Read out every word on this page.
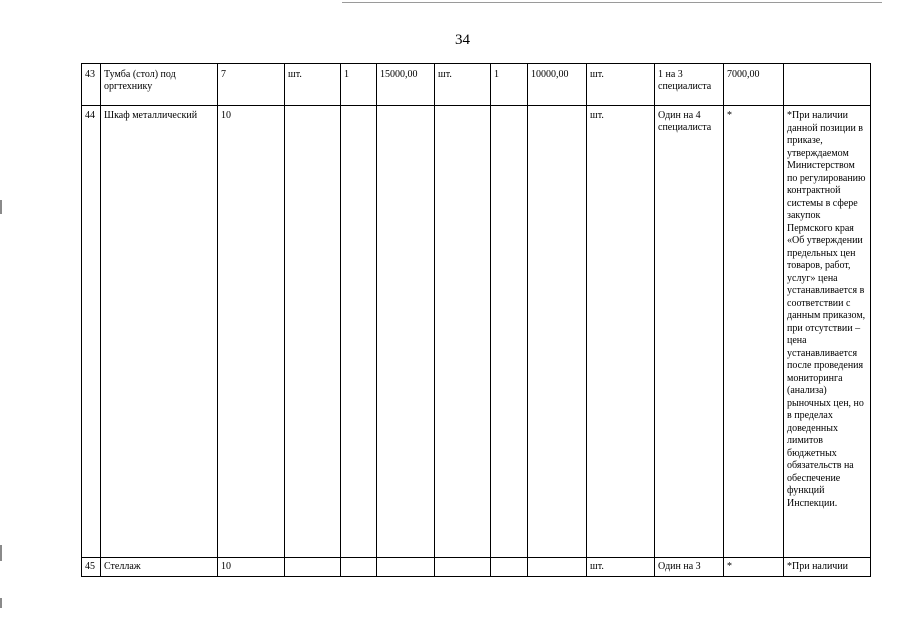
34
43	Тумба (стол) под оргтехнику	7	шт.	1	15000,00	шт.	1	10000,00	шт.	1 на 3 специалиста	7000,00	
44	Шкаф металлический	10							шт.	Один на 4 специалиста	*	*При наличии данной позиции в приказе, утверждаемом Министерством по регулированию контрактной системы в сфере закупок Пермского края «Об утверждении предельных цен товаров, работ, услуг» цена устанавливается в соответствии с данным приказом, при отсутствии – цена устанавливается после проведения мониторинга (анализа) рыночных цен, но в пределах доведенных лимитов бюджетных обязательств на обеспечение функций Инспекции.
45	Стеллаж	10							шт.	Один на 3	*	*При наличии
